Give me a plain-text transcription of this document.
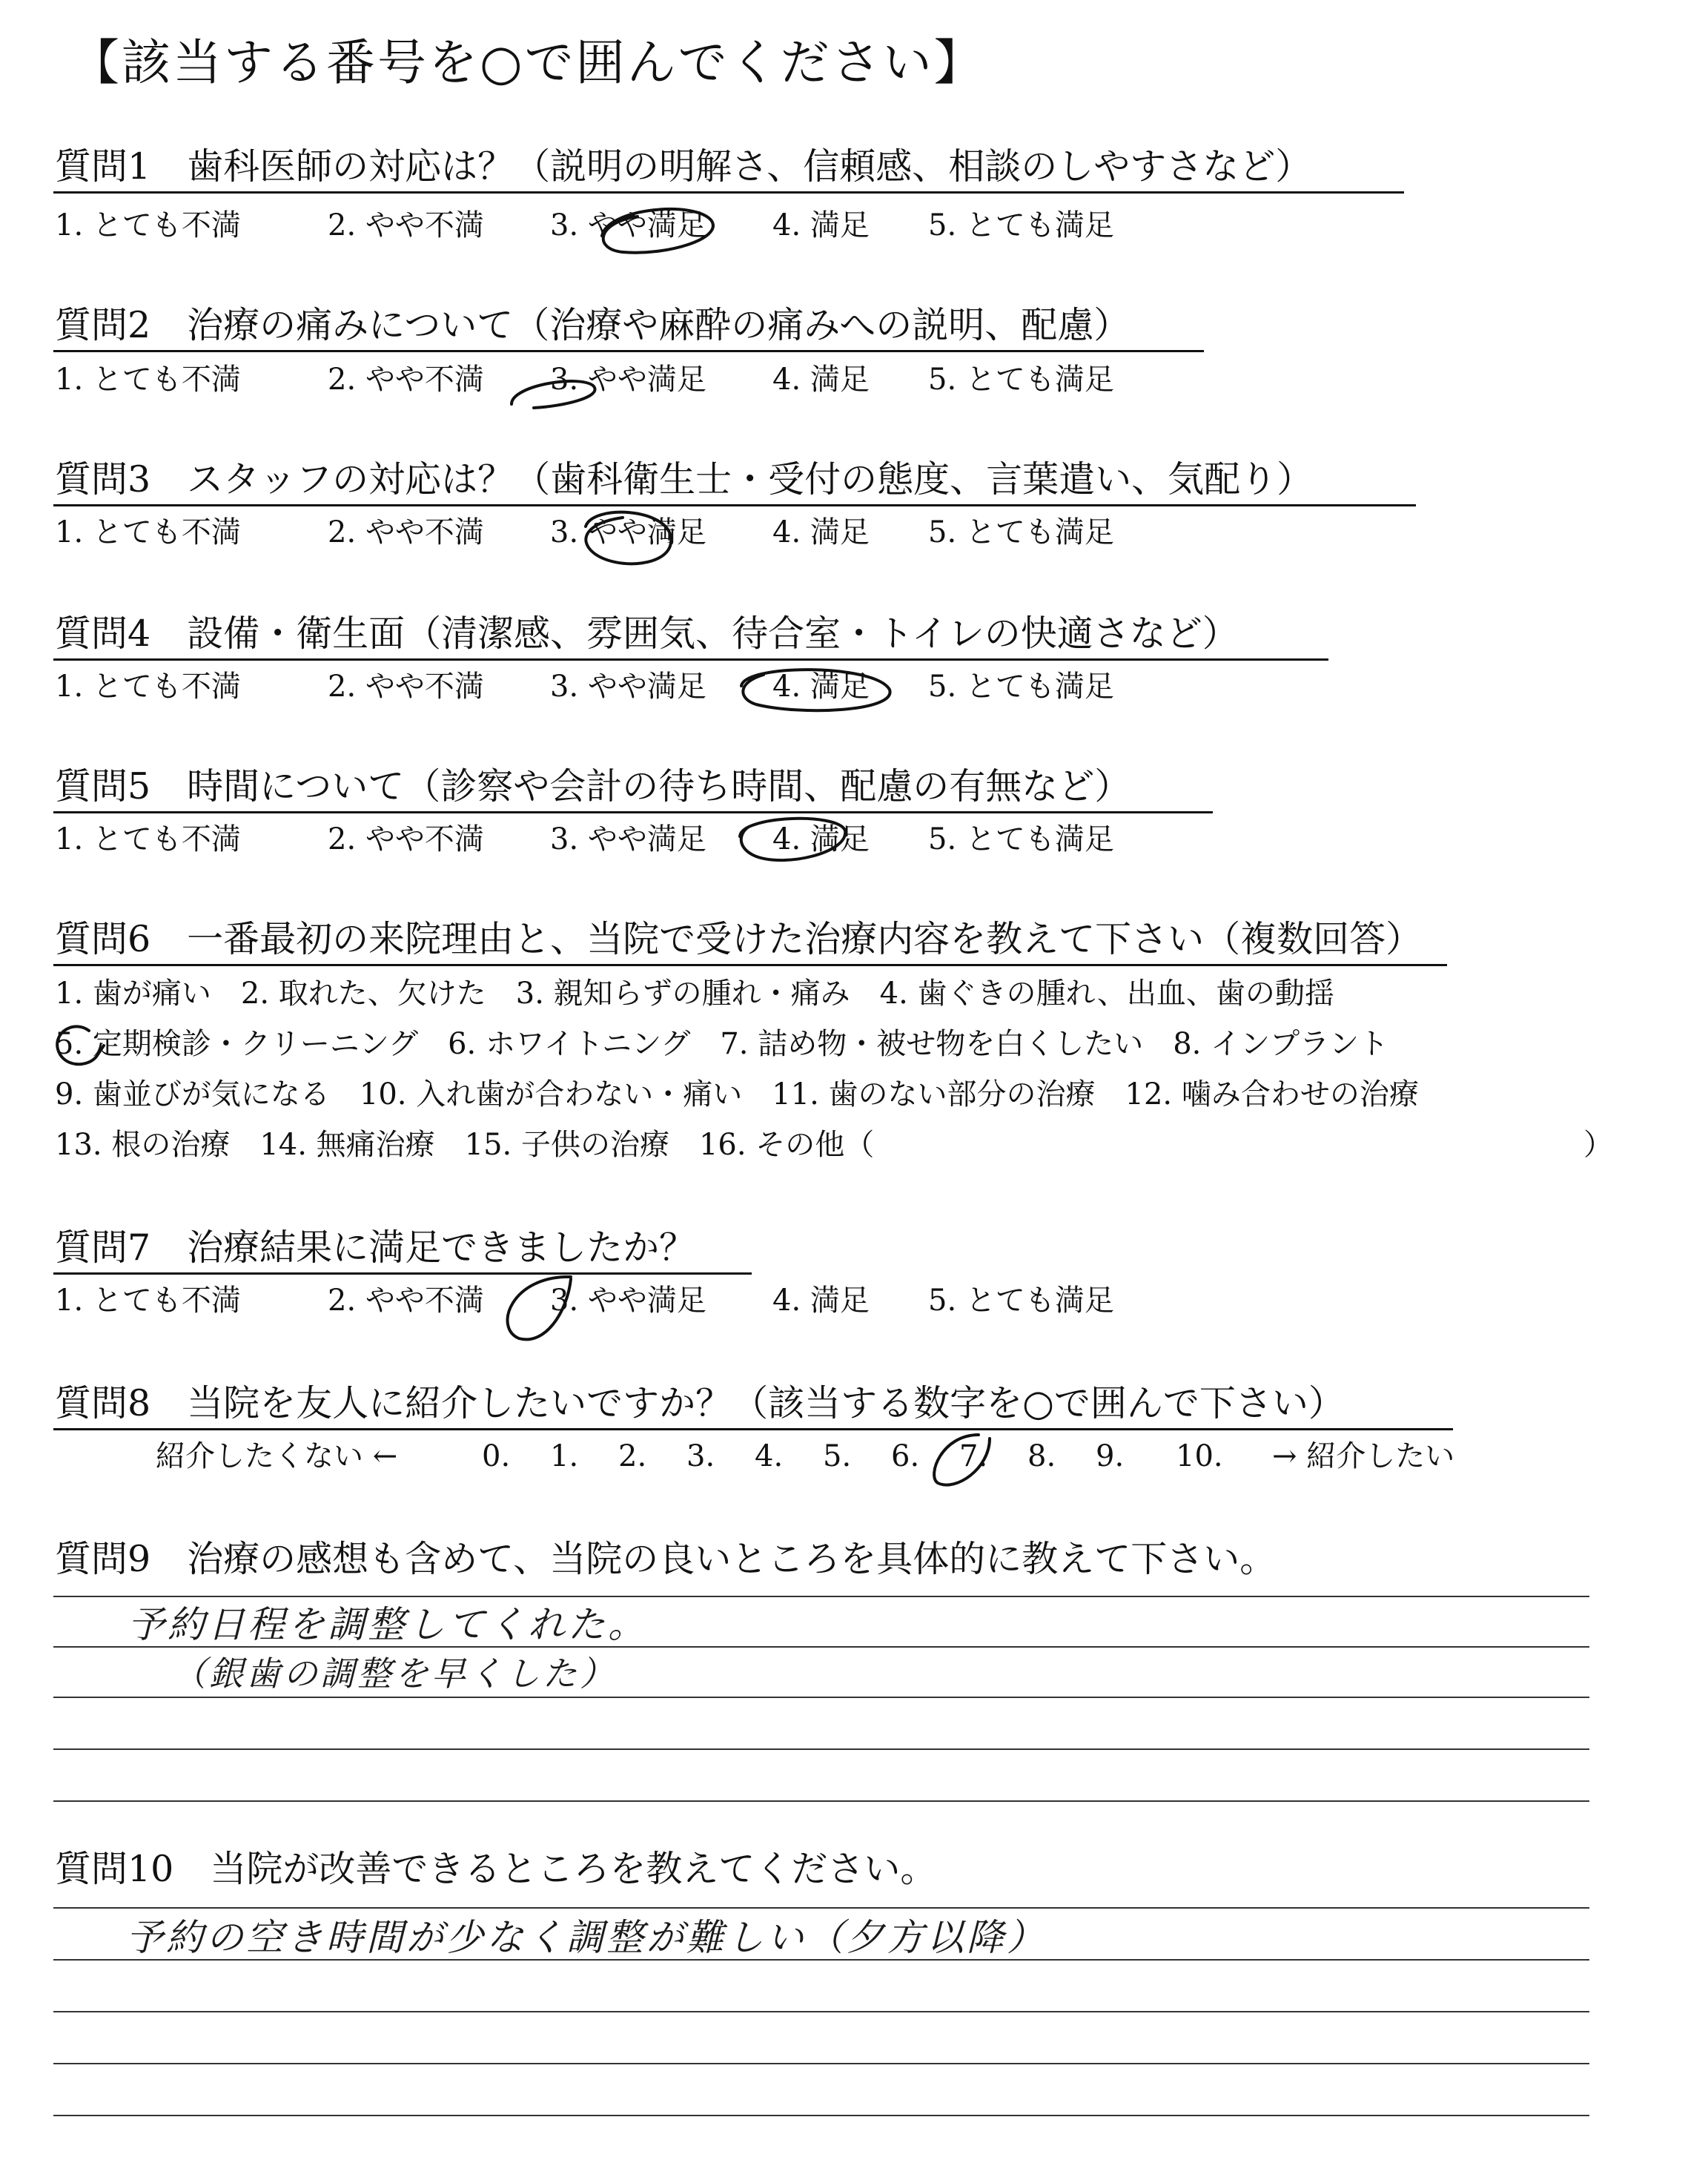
【該当する番号を○で囲んでください】
質問1　歯科医師の対応は？（説明の明解さ、信頼感、相談のしやすさなど）
1. とても不満	2. やや不満 3. やや満足 4. 満足 5. とても満足
質問2　治療の痛みについて（治療や麻酔の痛みへの説明、配慮）
1. とても不満	2. やや不満 3. やや満足 4. 満足 5. とても満足
質問3　スタッフの対応は？（歯科衛生士・受付の態度、言葉遣い、気配り）
1. とても不満	2. やや不満 3. やや満足 4. 満足 5. とても満足
質問4　設備・衛生面（清潔感、雰囲気、待合室・トイレの快適さなど）
1. とても不満	2. やや不満 3. やや満足 4. 満足 5. とても満足
質問5　時間について（診察や会計の待ち時間、配慮の有無など）
1. とても不満	2. やや不満 3. やや満足 4. 満足 5. とても満足
質問6　一番最初の来院理由と、当院で受けた治療内容を教えて下さい（複数回答）
1. 歯が痛い　2. 取れた、欠けた　3. 親知らずの腫れ・痛み　4. 歯ぐきの腫れ、出血、歯の動揺
5. 定期検診・クリーニング　6. ホワイトニング　7. 詰め物・被せ物を白くしたい　8. インプラント
9. 歯並びが気になる　10. 入れ歯が合わない・痛い　11. 歯のない部分の治療　12. 噛み合わせの治療
13. 根の治療　14. 無痛治療　15. 子供の治療　16. その他（	）
質問7　治療結果に満足できましたか？
1. とても不満	2. やや不満 3. やや満足 4. 満足 5. とても満足
質問8　当院を友人に紹介したいですか？（該当する数字を○で囲んで下さい）
紹介したくない ←	0. 1. 2. 3. 4. 5. 6. 7. 8. 9. 10. → 紹介したい
質問9　治療の感想も含めて、当院の良いところを具体的に教えて下さい。
予約日程を調整してくれた。
（銀歯の調整を早くした）
質問10　当院が改善できるところを教えてください。
予約の空き時間が少なく調整が難しい（夕方以降）
